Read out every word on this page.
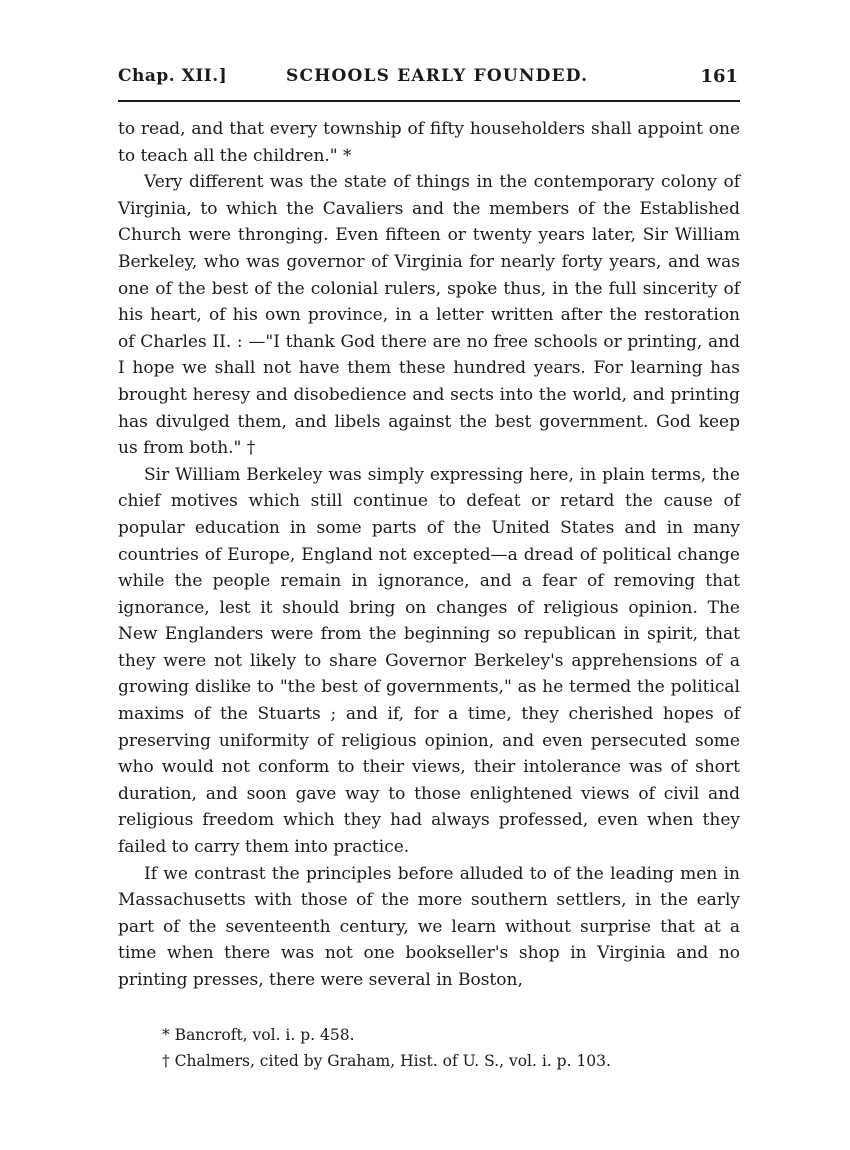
Chap. XII.]	SCHOOLS EARLY FOUNDED.	161

to read, and that every township of fifty householders shall appoint one to teach all the children." *

Very different was the state of things in the contemporary colony of Virginia, to which the Cavaliers and the members of the Established Church were thronging. Even fifteen or twenty years later, Sir William Berkeley, who was governor of Virginia for nearly forty years, and was one of the best of the colonial rulers, spoke thus, in the full sincerity of his heart, of his own province, in a letter written after the restoration of Charles II. : —"I thank God there are no free schools or printing, and I hope we shall not have them these hundred years. For learning has brought heresy and disobedience and sects into the world, and printing has divulged them, and libels against the best government. God keep us from both." †

Sir William Berkeley was simply expressing here, in plain terms, the chief motives which still continue to defeat or retard the cause of popular education in some parts of the United States and in many countries of Europe, England not excepted—a dread of political change while the people remain in ignorance, and a fear of removing that ignorance, lest it should bring on changes of religious opinion. The New Englanders were from the beginning so republican in spirit, that they were not likely to share Governor Berkeley's apprehensions of a growing dislike to "the best of governments," as he termed the political maxims of the Stuarts ; and if, for a time, they cherished hopes of preserving uniformity of religious opinion, and even persecuted some who would not conform to their views, their intolerance was of short duration, and soon gave way to those enlightened views of civil and religious freedom which they had always professed, even when they failed to carry them into practice.

If we contrast the principles before alluded to of the leading men in Massachusetts with those of the more southern settlers, in the early part of the seventeenth century, we learn without surprise that at a time when there was not one bookseller's shop in Virginia and no printing presses, there were several in Boston,

* Bancroft, vol. i. p. 458.

† Chalmers, cited by Graham, Hist. of U. S., vol. i. p. 103.
